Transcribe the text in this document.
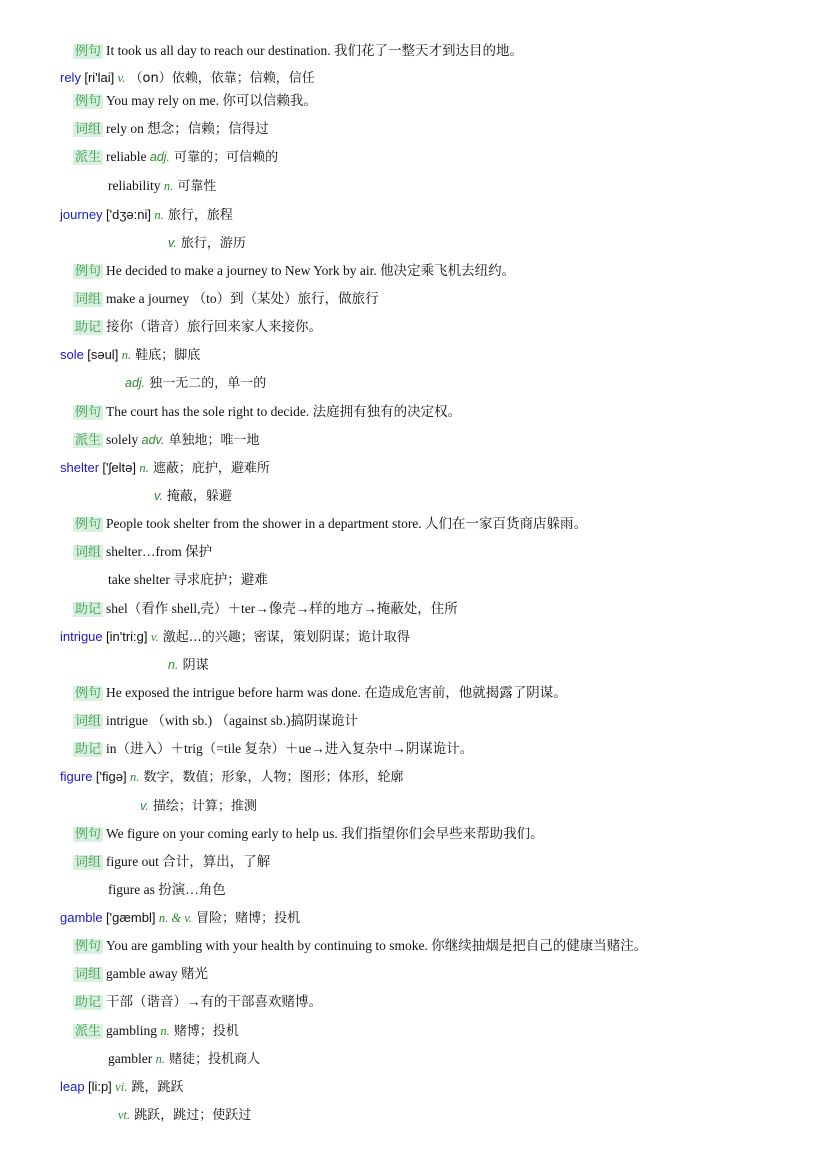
例句 It took us all day to reach our destination. 我们花了一整天才到达目的地。
rely [ri'lai] v. （on）依赖，依靠；信赖，信任
例句 You may rely on me. 你可以信赖我。
词组 rely on 想念；信赖；信得过
派生 reliable adj. 可靠的；可信赖的
reliability n. 可靠性
journey ['dʒə:ni] n. 旅行，旅程
v. 旅行，游历
例句 He decided to make a journey to New York by air. 他决定乘飞机去纽约。
词组 make a journey （to）到（某处）旅行，做旅行
助记 接你（谐音）旅行回来家人来接你。
sole [səul] n. 鞋底；脚底
adj. 独一无二的，单一的
例句 The court has the sole right to decide. 法庭拥有独有的决定权。
派生 solely adv. 单独地；唯一地
shelter ['ʃeltə] n. 遮蔽；庇护，避难所
v. 掩蔽，躲避
例句 People took shelter from the shower in a department store. 人们在一家百货商店躲雨。
词组 shelter…from 保护
take shelter 寻求庇护；避难
助记 shel（看作 shell,壳）＋ter→像壳→样的地方→掩蔽处，住所
intrigue [in'tri:g] v. 激起…的兴趣；密谋，策划阴谋；诡计取得
n. 阴谋
例句 He exposed the intrigue before harm was done. 在造成危害前，他就揭露了阴谋。
词组 intrigue （with sb.) （against sb.)搞阴谋诡计
助记 in（进入）＋trig（=tile 复杂）＋ue→进入复杂中→阴谋诡计。
figure ['figə] n. 数字，数值；形象，人物；图形；体形，轮廓
v. 描绘；计算；推测
例句 We figure on your coming early to help us. 我们指望你们会早些来帮助我们。
词组 figure out 合计，算出，了解
figure as 扮演…角色
gamble ['gæmbl] n. & v. 冒险；赌博；投机
例句 You are gambling with your health by continuing to smoke. 你继续抽烟是把自己的健康当赌注。
词组 gamble away 赌光
助记 干部（谐音）→有的干部喜欢赌博。
派生 gambling n. 赌博；投机
gambler n. 赌徒；投机商人
leap [li:p] vi. 跳，跳跃
vt. 跳跃，跳过；使跃过
